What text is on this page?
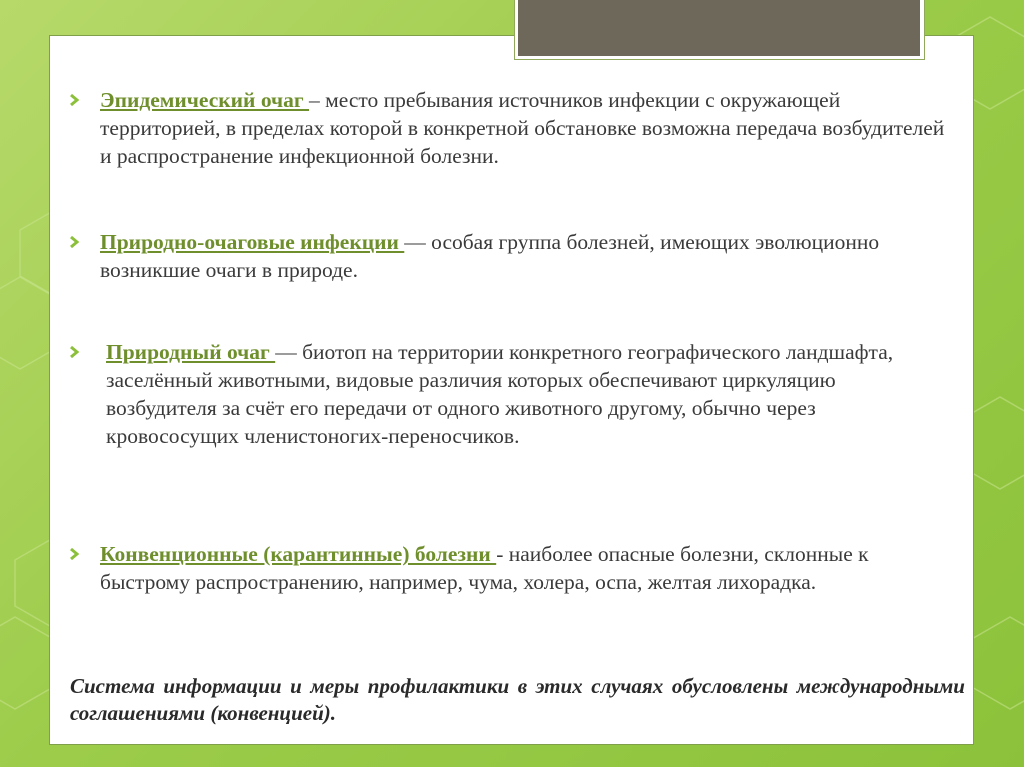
Эпидемический очаг – место пребывания источников инфекции с окружающей территорией, в пределах которой в конкретной обстановке возможна передача возбудителей и распространение инфекционной болезни.
Природно-очаговые инфекции — особая группа болезней, имеющих эволюционно возникшие очаги в природе.
Природный очаг — биотоп на территории конкретного географического ландшафта, заселённый животными, видовые различия которых обеспечивают циркуляцию возбудителя за счёт его передачи от одного животного другому, обычно через кровососущих членистоногих-переносчиков.
Конвенционные (карантинные) болезни - наиболее опасные болезни, склонные к быстрому распространению, например, чума, холера, оспа, желтая лихорадка.
Система информации и меры профилактики в этих случаях обусловлены международными соглашениями (конвенцией).
